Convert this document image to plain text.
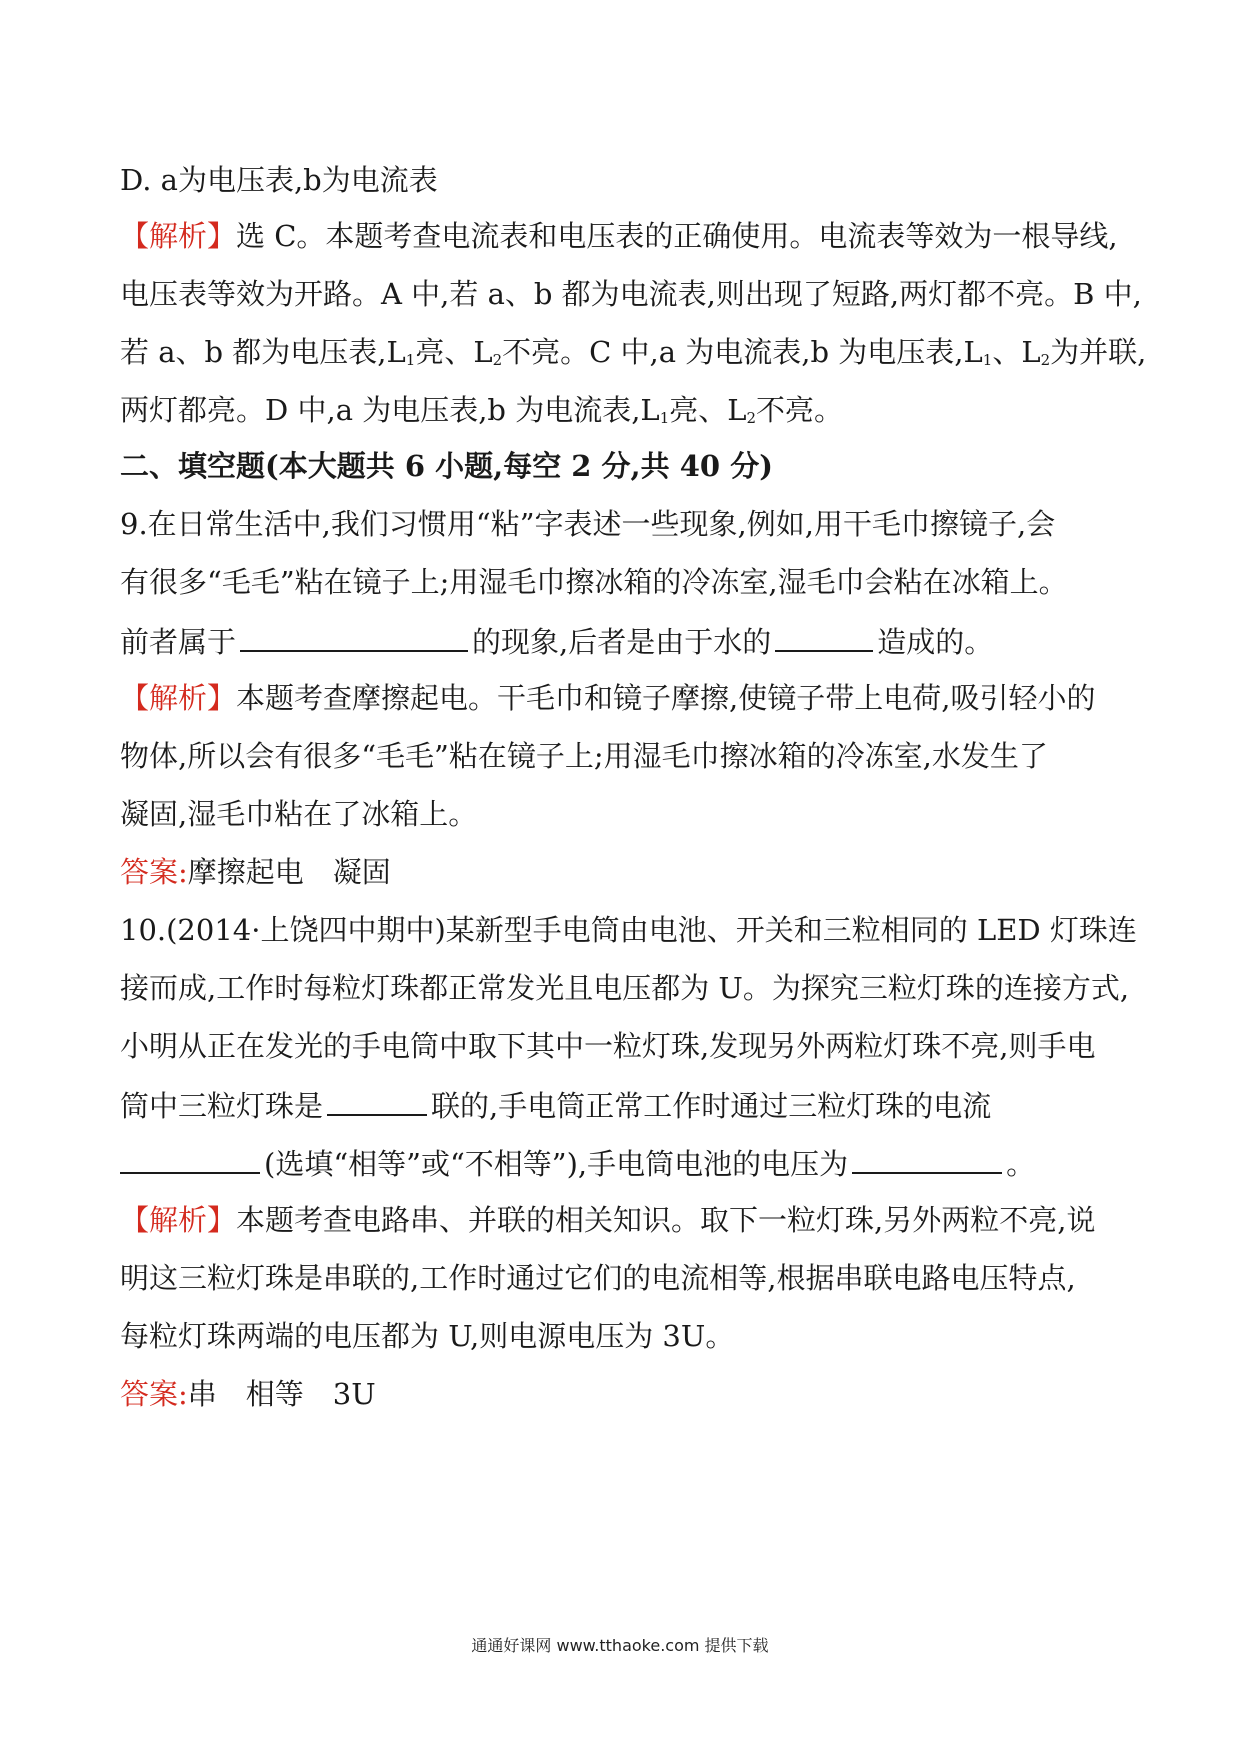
D. a为电压表,b为电流表
【解析】选 C。本题考查电流表和电压表的正确使用。电流表等效为一根导线,
电压表等效为开路。A 中,若 a、b 都为电流表,则出现了短路,两灯都不亮。B 中,
若 a、b 都为电压表$,L_1$亮、$L_2$不亮。C 中,a 为电流表,b 为电压表$,L_1$、$L_2$为并联,
两灯都亮。D 中,a 为电压表,b 为电流表$,L_1$亮、$L_2$不亮。
二、填空题(本大题共 6 小题,每空 2 分,共 40 分)
9.在日常生活中,我们习惯用“粘”字表述一些现象,例如,用干毛巾擦镜子,会
有很多“毛毛”粘在镜子上;用湿毛巾擦冰箱的冷冻室,湿毛巾会粘在冰箱上。
前者属于	的现象,后者是由于水的	造成的。
【解析】本题考查摩擦起电。干毛巾和镜子摩擦,使镜子带上电荷,吸引轻小的
物体,所以会有很多“毛毛”粘在镜子上;用湿毛巾擦冰箱的冷冻室,水发生了
凝固,湿毛巾粘在了冰箱上。
答案:摩擦起电　凝固
10.(2014·上饶四中期中)某新型手电筒由电池、开关和三粒相同的 LED 灯珠连
接而成,工作时每粒灯珠都正常发光且电压都为 U。为探究三粒灯珠的连接方式,
小明从正在发光的手电筒中取下其中一粒灯珠,发现另外两粒灯珠不亮,则手电
筒中三粒灯珠是	联的,手电筒正常工作时通过三粒灯珠的电流
(选填“相等”或“不相等”),手电筒电池的电压为	。
【解析】本题考查电路串、并联的相关知识。取下一粒灯珠,另外两粒不亮,说
明这三粒灯珠是串联的,工作时通过它们的电流相等,根据串联电路电压特点,
每粒灯珠两端的电压都为 U,则电源电压为 3U。
答案:串　相等　3U
通通好课网 www.tthaoke.com 提供下载
